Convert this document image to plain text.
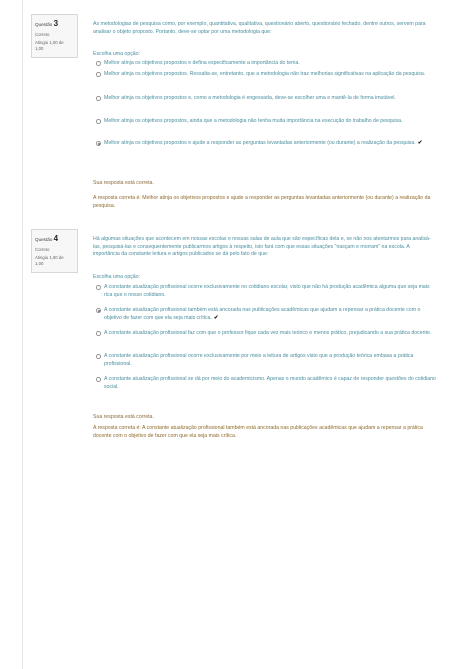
Questão 3
Correto
Atingiu 1,00 de
1,00
As metodologias de pesquisa como, por exemplo, quantitativa, qualitativa, questionário aberto, questionário fechado, dentre outros, servem para analisar o objeto proposto. Portanto, deve-se optar por uma metodologia que:
Escolha uma opção:
Melhor atinja os objetivos propostos e defina especificamente a importância do tema.
Melhor atinja os objetivos propostos. Ressalta-se, entretanto, que a metodologia não traz melhorias significativas na aplicação da pesquisa.
Melhor atinja os objetivos propostos e, como a metodologia é engessada, deve-se escolher uma e mantê-la de forma imutável.
Melhor atinja os objetivos propostos, ainda que a metodologia não tenha muita importância na execução do trabalho de pesquisa.
Melhor atinja os objetivos propostos e ajude a responder as perguntas levantadas anteriormente (ou durante) a realização da pesquisa. ✔
Sua resposta está correta.
A resposta correta é: Melhor atinja os objetivos propostos e ajude a responder as perguntas levantadas anteriormente (ou durante) a realização da pesquisa.
Questão 4
Correto
Atingiu 1,00 de
1,00
Há algumas situações que acontecem em nossas escolas e nossas salas de aula que são específicas dela e, se não nos atentarmos para analisá-las, pesquisá-las e consequentemente publicarmos artigos à respeito, isto fará com que essas situações "nasçam e morram" na escola. A importância da constante leitura e artigos publicados se dá pelo fato de que:
Escolha uma opção:
A constante atualização profissional ocorre exclusivamente no cotidiano escolar, visto que não há produção acadêmica alguma que seja mais rica que o nosso cotidiano.
A constante atualização profissional também está ancorada nas publicações acadêmicas que ajudam a repensar a prática docente com o objetivo de fazer com que ela seja mais crítica. ✔
A constante atualização profissional faz com que o professor fique cada vez mais teórico e menos prático, prejudicando a sua prática docente.
A constante atualização profissional ocorre exclusivamente por meio a leitura de artigos visto que a produção teórica embasa a prática profissional.
A constante atualização profissional se dá por meio do academicismo. Apenas o mundo acadêmico é capaz de responder questões do cotidiano social.
Sua resposta está correta.
A resposta correta é: A constante atualização profissional também está ancorada nas publicações acadêmicas que ajudam a repensar a prática docente com o objetivo de fazer com que ela seja mais crítica.
